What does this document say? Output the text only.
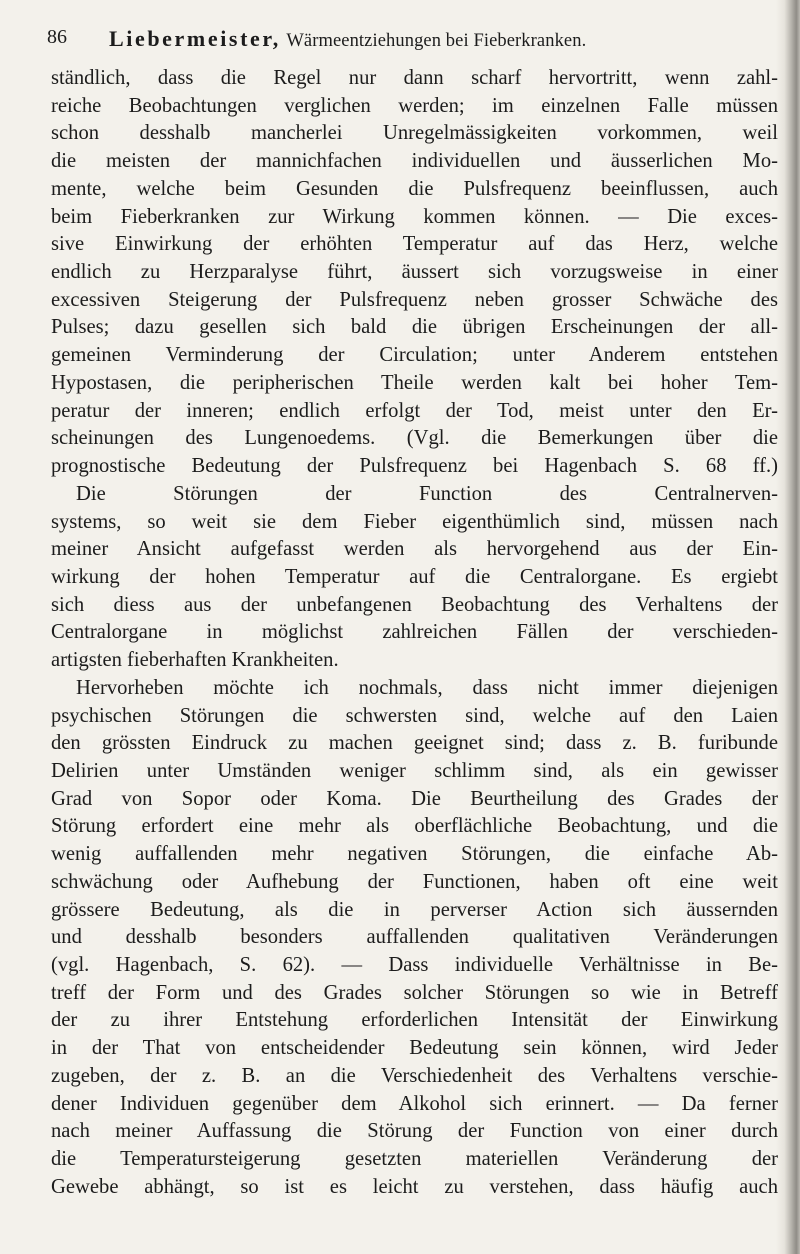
86 Liebermeister, Wärmeentziehungen bei Fieberkranken.
ständlich, dass die Regel nur dann scharf hervortritt, wenn zahl-
reiche Beobachtungen verglichen werden; im einzelnen Falle müssen
schon desshalb mancherlei Unregelmässigkeiten vorkommen, weil
die meisten der mannichfachen individuellen und äusserlichen Mo-
mente, welche beim Gesunden die Pulsfrequenz beeinflussen, auch
beim Fieberkranken zur Wirkung kommen können. — Die exces-
sive Einwirkung der erhöhten Temperatur auf das Herz, welche
endlich zu Herzparalyse führt, äussert sich vorzugsweise in einer
excessiven Steigerung der Pulsfrequenz neben grosser Schwäche des
Pulses; dazu gesellen sich bald die übrigen Erscheinungen der all-
gemeinen Verminderung der Circulation; unter Anderem entstehen
Hypostasen, die peripherischen Theile werden kalt bei hoher Tem-
peratur der inneren; endlich erfolgt der Tod, meist unter den Er-
scheinungen des Lungenoedems. (Vgl. die Bemerkungen über die
prognostische Bedeutung der Pulsfrequenz bei Hagenbach S. 68 ff.)
Die Störungen der Function des Centralnerven-
systems, so weit sie dem Fieber eigenthümlich sind, müssen nach
meiner Ansicht aufgefasst werden als hervorgehend aus der Ein-
wirkung der hohen Temperatur auf die Centralorgane. Es ergiebt
sich diess aus der unbefangenen Beobachtung des Verhaltens der
Centralorgane in möglichst zahlreichen Fällen der verschieden-
artigsten fieberhaften Krankheiten.
Hervorheben möchte ich nochmals, dass nicht immer diejenigen
psychischen Störungen die schwersten sind, welche auf den Laien
den grössten Eindruck zu machen geeignet sind; dass z. B. furibunde
Delirien unter Umständen weniger schlimm sind, als ein gewisser
Grad von Sopor oder Koma. Die Beurtheilung des Grades der
Störung erfordert eine mehr als oberflächliche Beobachtung, und die
wenig auffallenden mehr negativen Störungen, die einfache Ab-
schwächung oder Aufhebung der Functionen, haben oft eine weit
grössere Bedeutung, als die in perverser Action sich äussernden
und desshalb besonders auffallenden qualitativen Veränderungen
(vgl. Hagenbach, S. 62). — Dass individuelle Verhältnisse in Be-
treff der Form und des Grades solcher Störungen so wie in Betreff
der zu ihrer Entstehung erforderlichen Intensität der Einwirkung
in der That von entscheidender Bedeutung sein können, wird Jeder
zugeben, der z. B. an die Verschiedenheit des Verhaltens verschie-
dener Individuen gegenüber dem Alkohol sich erinnert. — Da ferner
nach meiner Auffassung die Störung der Function von einer durch
die Temperatursteigerung gesetzten materiellen Veränderung der
Gewebe abhängt, so ist es leicht zu verstehen, dass häufig auch
